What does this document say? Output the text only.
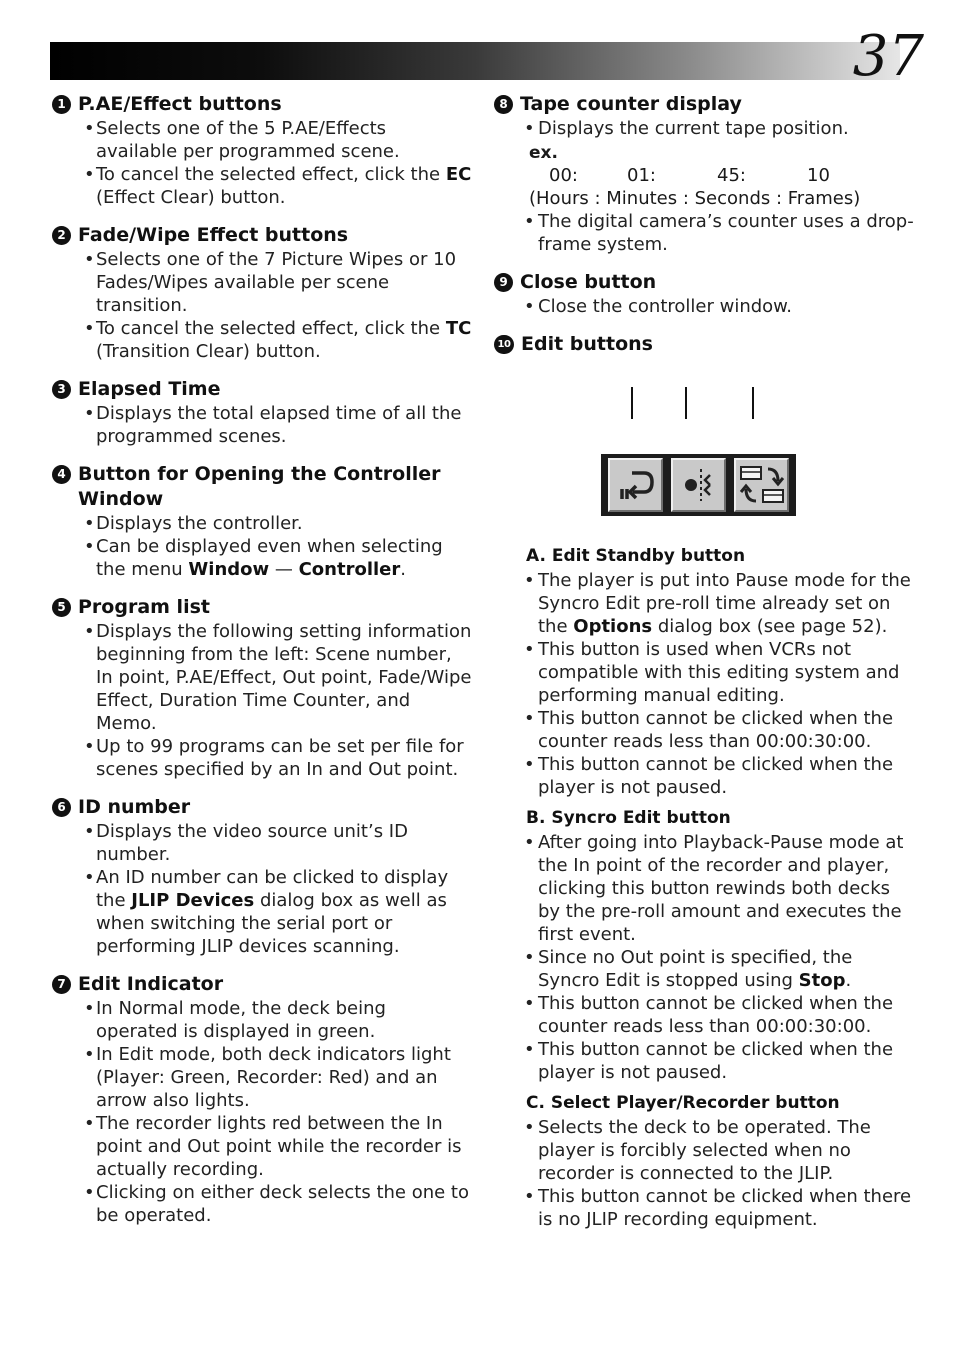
37
1 P.AE/Effect buttons
• Selects one of the 5 P.AE/Effects available per programmed scene.
• To cancel the selected effect, click the EC (Effect Clear) button.
2 Fade/Wipe Effect buttons
• Selects one of the 7 Picture Wipes or 10 Fades/Wipes available per scene transition.
• To cancel the selected effect, click the TC (Transition Clear) button.
3 Elapsed Time
• Displays the total elapsed time of all the programmed scenes.
4 Button for Opening the Controller Window
• Displays the controller.
• Can be displayed even when selecting the menu Window — Controller.
5 Program list
• Displays the following setting information beginning from the left: Scene number, In point, P.AE/Effect, Out point, Fade/Wipe Effect, Duration Time Counter, and Memo.
• Up to 99 programs can be set per file for scenes specified by an In and Out point.
6 ID number
• Displays the video source unit’s ID number.
• An ID number can be clicked to display the JLIP Devices dialog box as well as when switching the serial port or performing JLIP devices scanning.
7 Edit Indicator
• In Normal mode, the deck being operated is displayed in green.
• In Edit mode, both deck indicators light (Player: Green, Recorder: Red) and an arrow also lights.
• The recorder lights red between the In point and Out point while the recorder is actually recording.
• Clicking on either deck selects the one to be operated.
8 Tape counter display
• Displays the current tape position.
ex.
00:	01:	45:	10
(Hours : Minutes : Seconds : Frames)
• The digital camera’s counter uses a drop-frame system.
9 Close button
• Close the controller window.
10 Edit buttons
A. Edit Standby button
• The player is put into Pause mode for the Syncro Edit pre-roll time already set on the Options dialog box (see page 52).
• This button is used when VCRs not compatible with this editing system and performing manual editing.
• This button cannot be clicked when the counter reads less than 00:00:30:00.
• This button cannot be clicked when the player is not paused.
B. Syncro Edit button
• After going into Playback-Pause mode at the In point of the recorder and player, clicking this button rewinds both decks by the pre-roll amount and executes the first event.
• Since no Out point is specified, the Syncro Edit is stopped using Stop.
• This button cannot be clicked when the counter reads less than 00:00:30:00.
• This button cannot be clicked when the player is not paused.
C. Select Player/Recorder button
• Selects the deck to be operated. The player is forcibly selected when no recorder is connected to the JLIP.
• This button cannot be clicked when there is no JLIP recording equipment.
